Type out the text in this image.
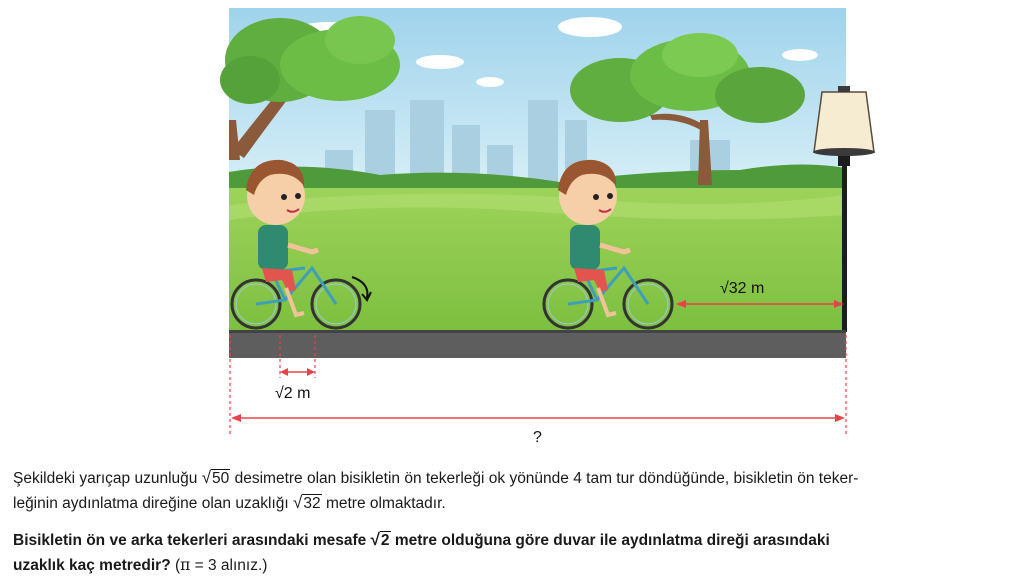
√32 m
√2 m
?
Şekildeki yarıçap uzunluğu √50 desimetre olan bisikletin ön tekerleği ok yönünde 4 tam tur döndüğünde, bisikletin ön teker-
leğinin aydınlatma direğine olan uzaklığı √32 metre olmaktadır.
Bisikletin ön ve arka tekerleri arasındaki mesafe √2 metre olduğuna göre duvar ile aydınlatma direği arasındaki
uzaklık kaç metredir? (π = 3 alınız.)
